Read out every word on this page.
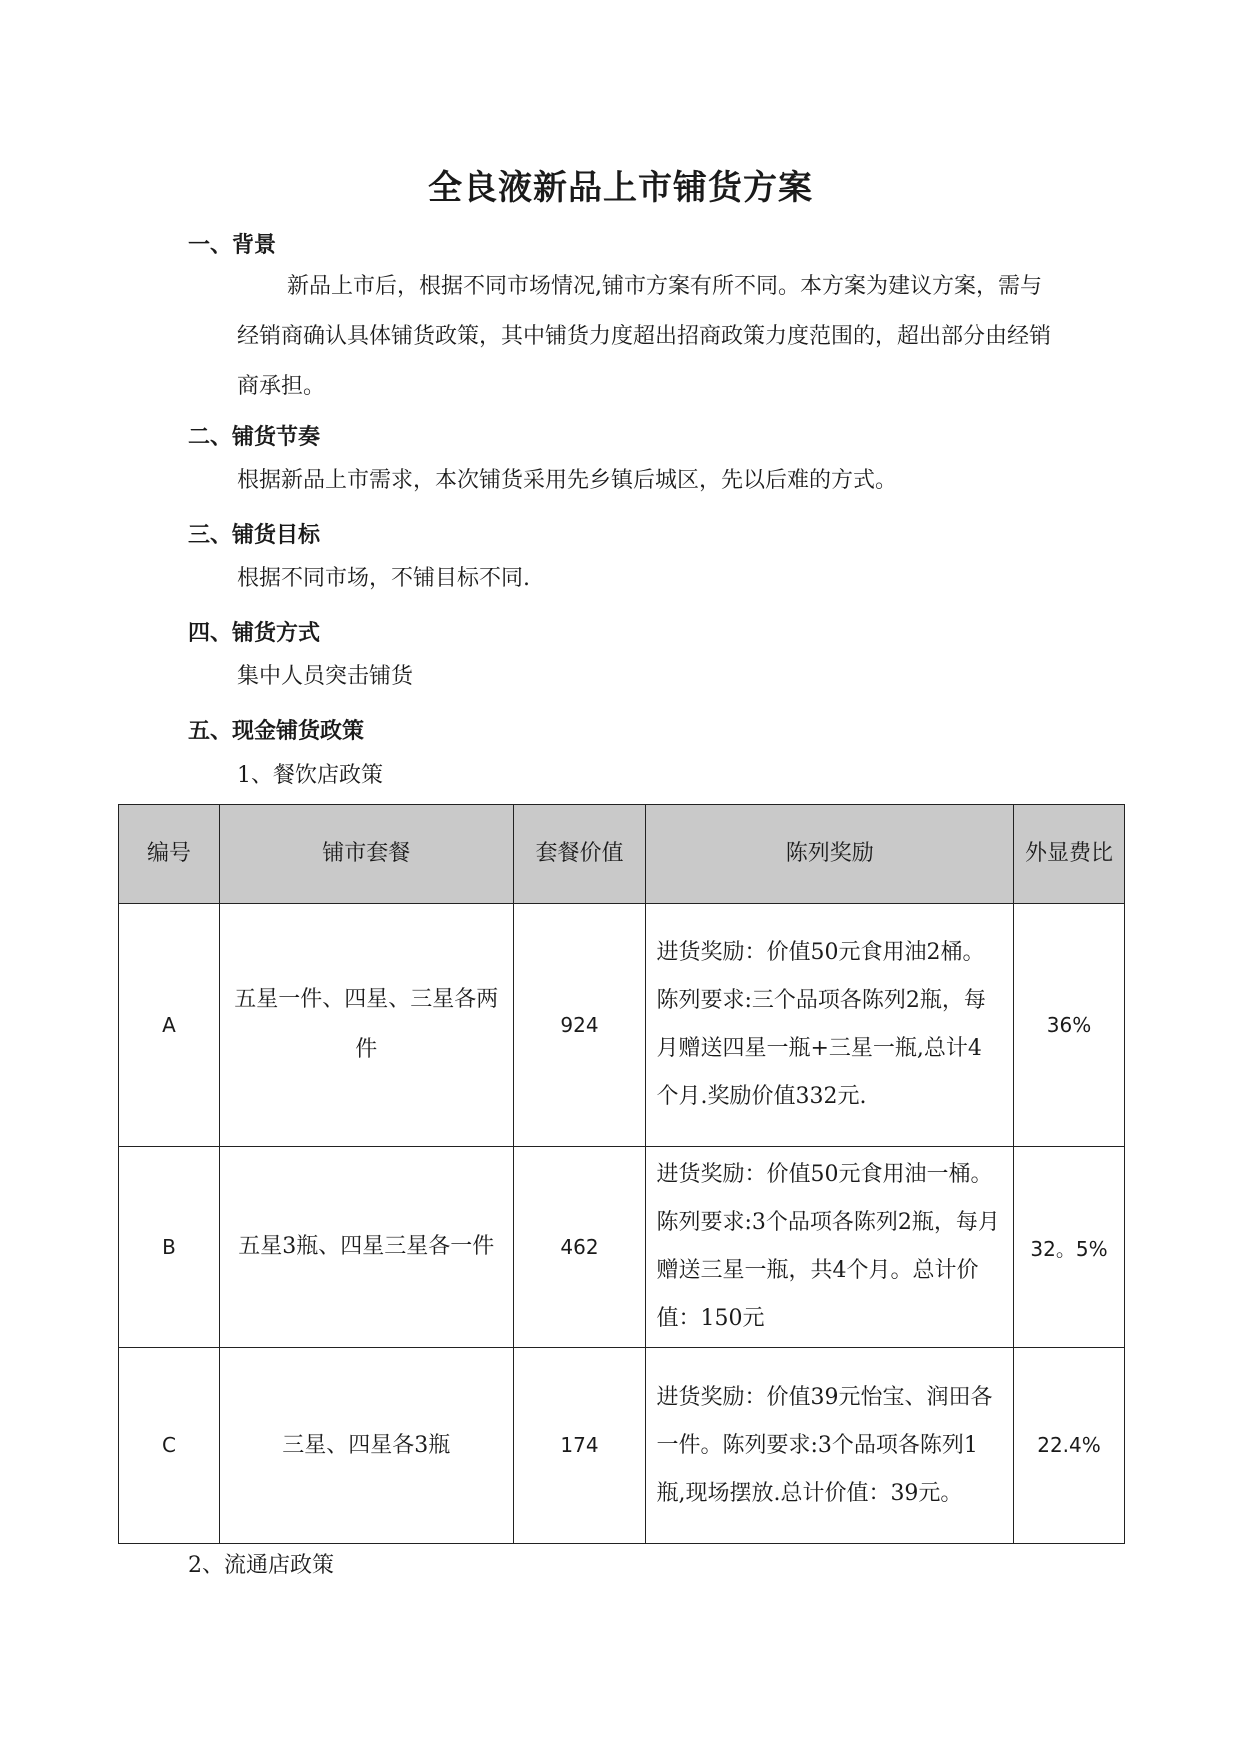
全良液新品上市铺货方案
一、背景
新品上市后，根据不同市场情况,铺市方案有所不同。本方案为建议方案，需与经销商确认具体铺货政策，其中铺货力度超出招商政策力度范围的，超出部分由经销商承担。
二、铺货节奏
根据新品上市需求，本次铺货采用先乡镇后城区，先以后难的方式。
三、铺货目标
根据不同市场，不铺目标不同.
四、铺货方式
集中人员突击铺货
五、现金铺货政策
1、餐饮店政策
编号	铺市套餐	套餐价值	陈列奖励	外显费比
A	五星一件、四星、三星各两件	924	进货奖励：价值50元食用油2桶。陈列要求:三个品项各陈列2瓶，每月赠送四星一瓶+三星一瓶,总计4个月.奖励价值332元.	36%
B	五星3瓶、四星三星各一件	462	进货奖励：价值50元食用油一桶。陈列要求:3个品项各陈列2瓶，每月赠送三星一瓶，共4个月。总计价值：150元	32。5%
C	三星、四星各3瓶	174	进货奖励：价值39元怡宝、润田各一件。陈列要求:3个品项各陈列1瓶,现场摆放.总计价值：39元。	22.4%
2、流通店政策
